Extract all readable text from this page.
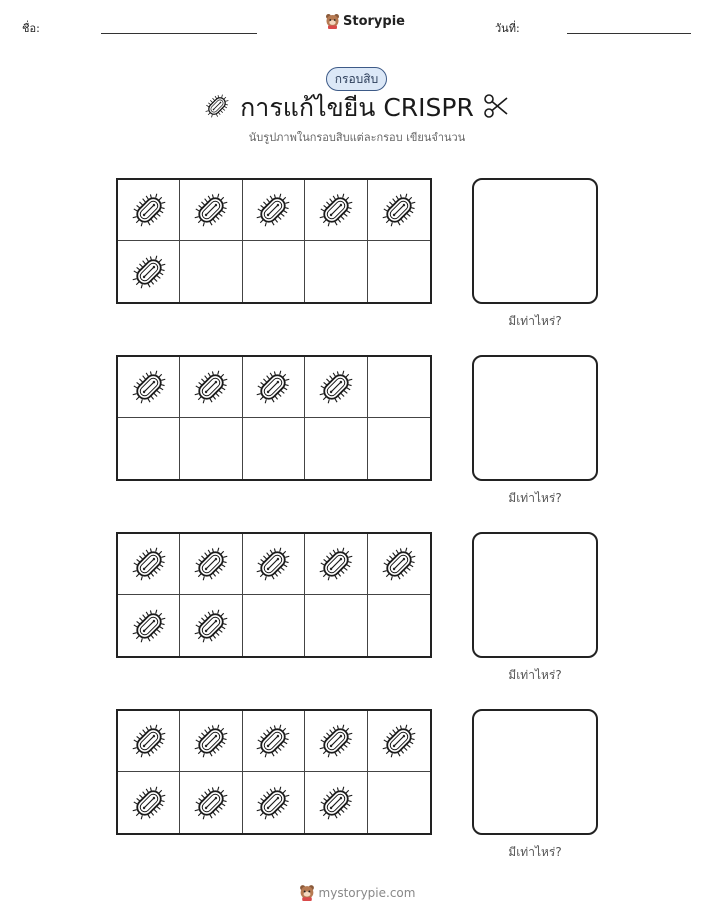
ชื่อ:	Storypie	วันที่:
กรอบสิบ
การแก้ไขยีน CRISPR
นับรูปภาพในกรอบสิบแต่ละกรอบ เขียนจำนวน
มีเท่าไหร่?
มีเท่าไหร่?
มีเท่าไหร่?
มีเท่าไหร่?
mystorypie.com
